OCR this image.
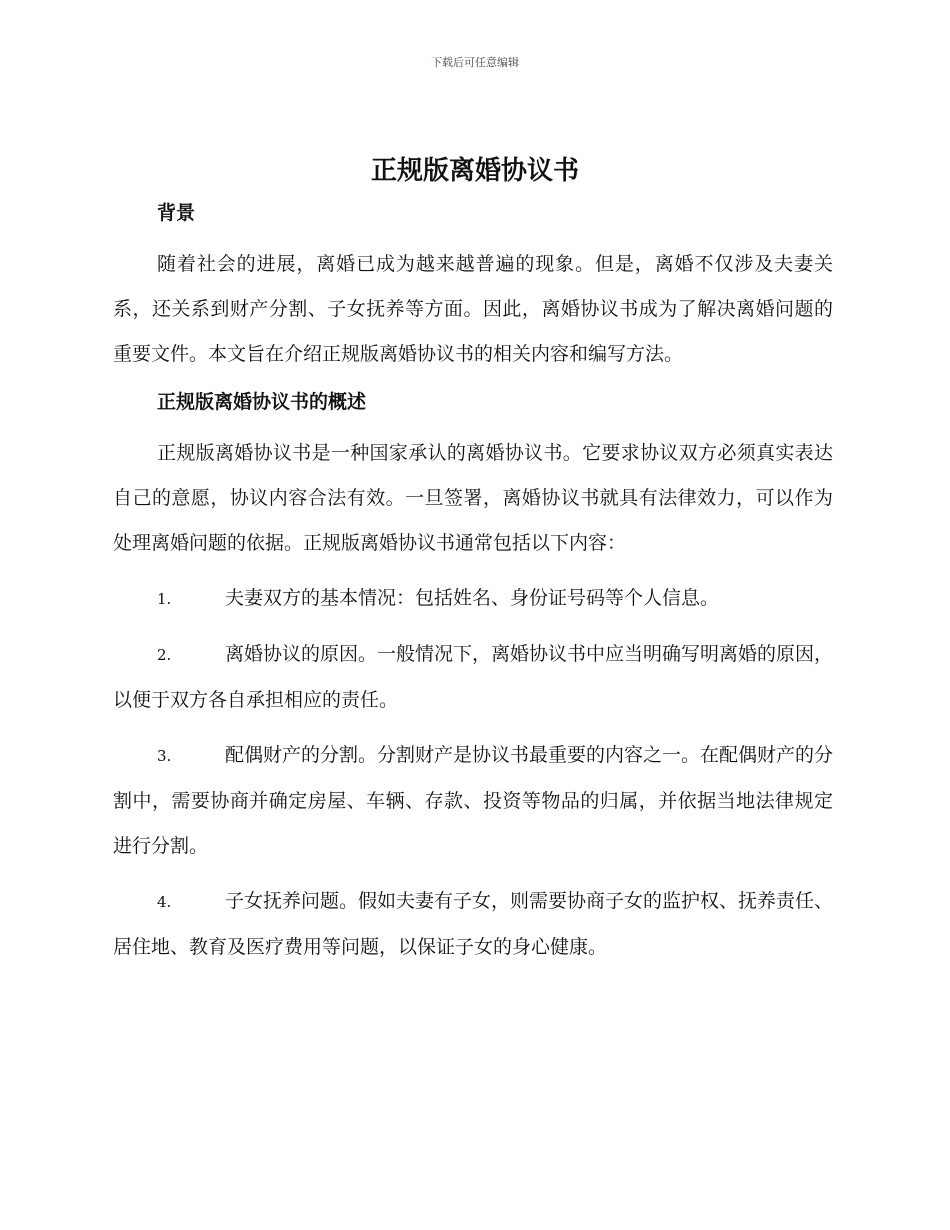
下载后可任意编辑
正规版离婚协议书
背景

随着社会的进展，离婚已成为越来越普遍的现象。但是，离婚不仅涉及夫妻关系，还关系到财产分割、子女抚养等方面。因此，离婚协议书成为了解决离婚问题的重要文件。本文旨在介绍正规版离婚协议书的相关内容和编写方法。

正规版离婚协议书的概述

正规版离婚协议书是一种国家承认的离婚协议书。它要求协议双方必须真实表达自己的意愿，协议内容合法有效。一旦签署，离婚协议书就具有法律效力，可以作为处理离婚问题的依据。正规版离婚协议书通常包括以下内容：

1.	夫妻双方的基本情况：包括姓名、身份证号码等个人信息。

2.	离婚协议的原因。一般情况下，离婚协议书中应当明确写明离婚的原因，以便于双方各自承担相应的责任。

3.	配偶财产的分割。分割财产是协议书最重要的内容之一。在配偶财产的分割中，需要协商并确定房屋、车辆、存款、投资等物品的归属，并依据当地法律规定进行分割。

4.	子女抚养问题。假如夫妻有子女，则需要协商子女的监护权、抚养责任、居住地、教育及医疗费用等问题，以保证子女的身心健康。
